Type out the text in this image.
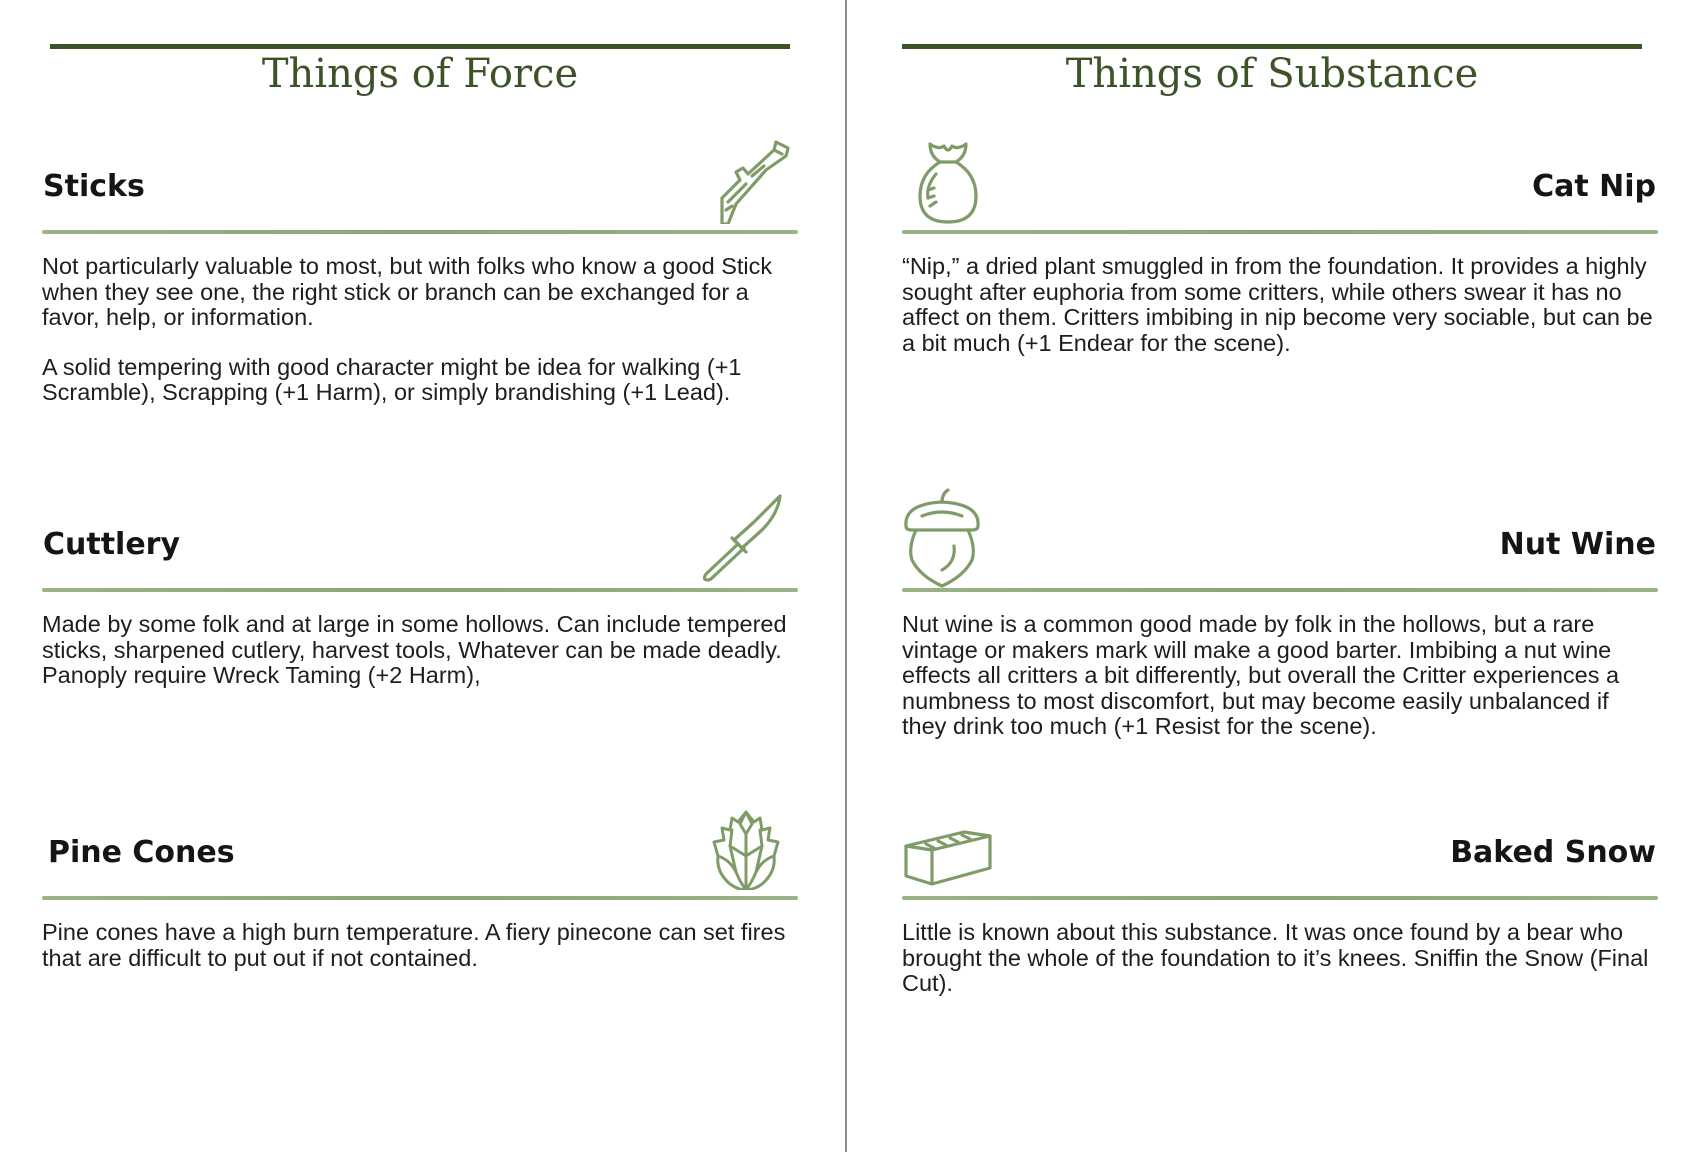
Things of Force
Sticks

Not particularly valuable to most, but with folks who know a good Stick when they see one, the right stick or branch can be exchanged for a favor, help, or information.

A solid tempering with good character might be idea for walking (+1 Scramble), Scrapping (+1 Harm), or simply brandishing (+1 Lead).

Cuttlery

Made by some folk and at large in some hollows. Can include tempered sticks, sharpened cutlery, harvest tools, Whatever can be made deadly. Panoply require Wreck Taming (+2 Harm),

Pine Cones

Pine cones have a high burn temperature. A fiery pinecone can set fires that are difficult to put out if not contained.

Things of Substance
Cat Nip

“Nip,” a dried plant smuggled in from the foundation. It provides a highly sought after euphoria from some critters, while others swear it has no affect on them. Critters imbibing in nip become very sociable, but can be a bit much (+1 Endear for the scene).

Nut Wine

Nut wine is a common good made by folk in the hollows, but a rare vintage or makers mark will make a good barter. Imbibing a nut wine effects all critters a bit differently, but overall the Critter experiences a numbness to most discomfort, but may become easily unbalanced if they drink too much (+1 Resist for the scene).

Baked Snow

Little is known about this substance. It was once found by a bear who brought the whole of the foundation to it’s knees. Sniffin the Snow (Final Cut).
